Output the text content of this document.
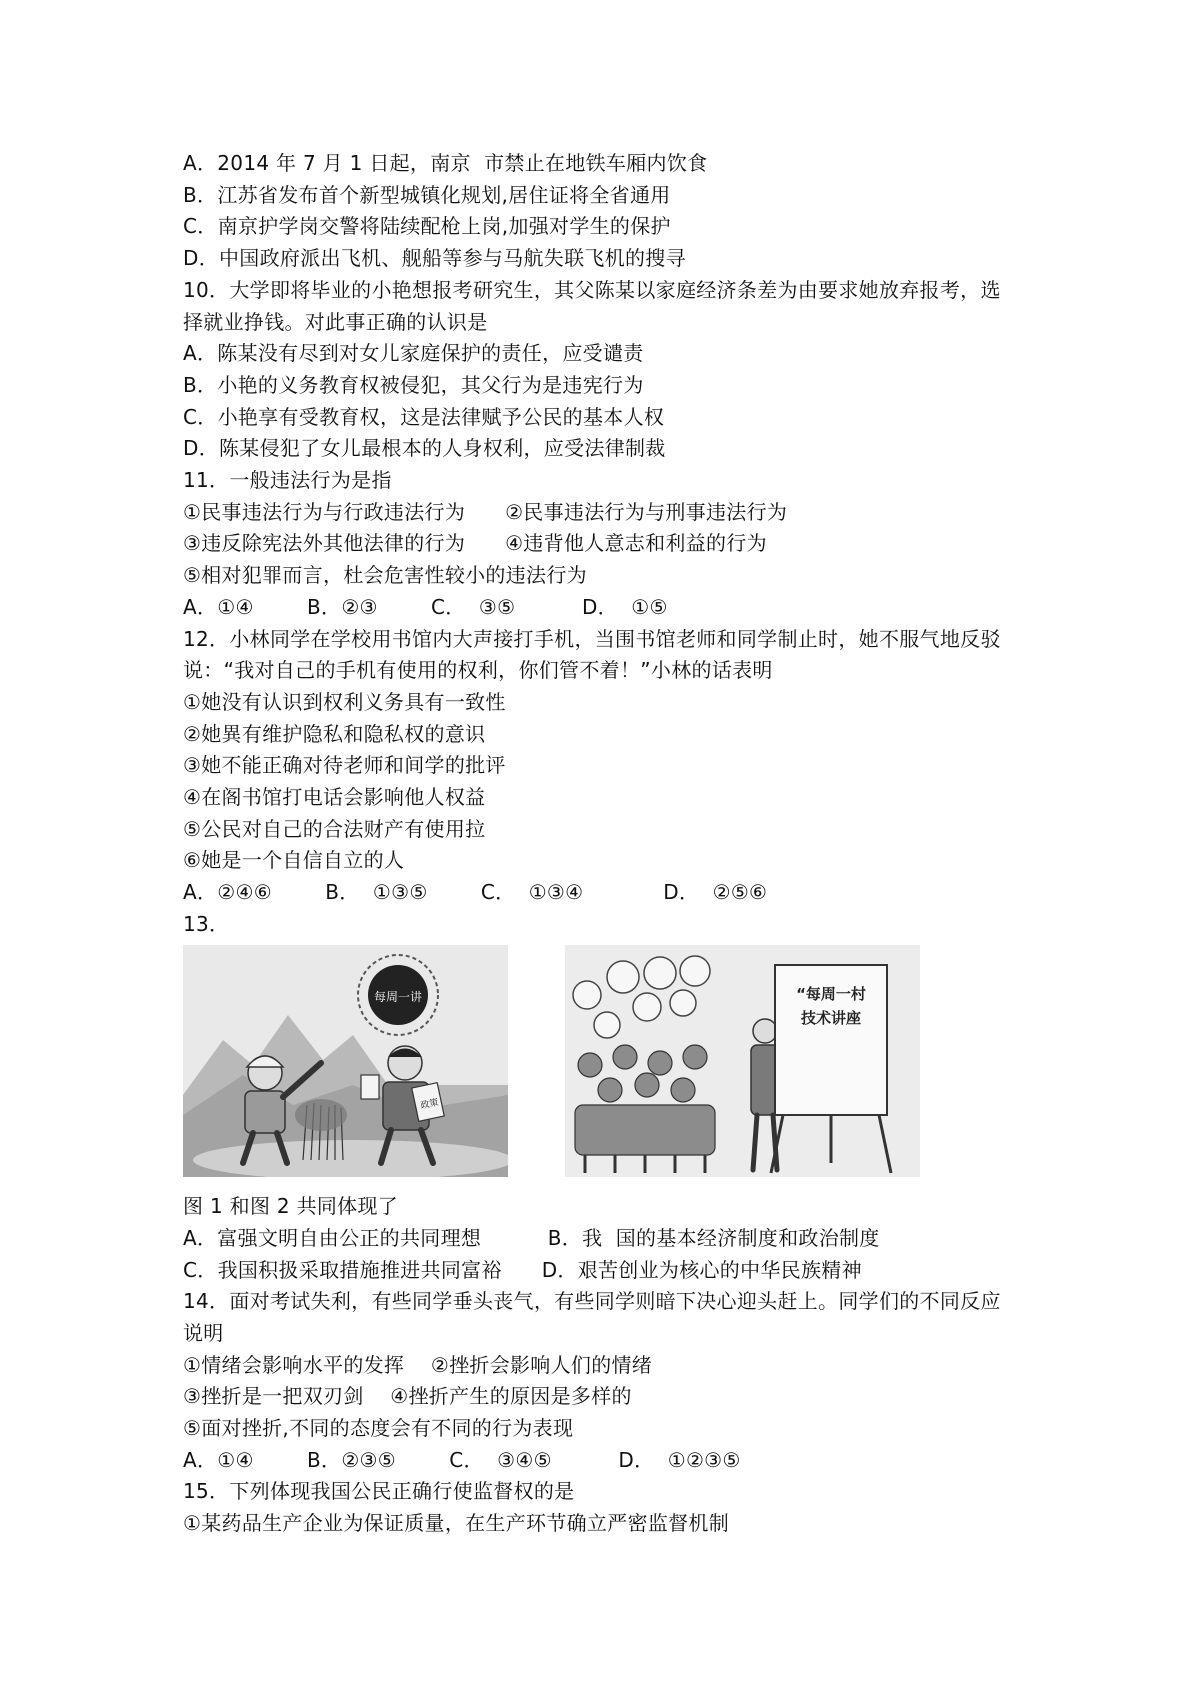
A．2014 年 7 月 1 日起，南京  市禁止在地铁车厢内饮食
B．江苏省发布首个新型城镇化规划,居住证将全省通用
C．南京护学岗交警将陆续配枪上岗,加强对学生的保护
D．中国政府派出飞机、舰船等参与马航失联飞机的搜寻
10．大学即将毕业的小艳想报考研究生，其父陈某以家庭经济条差为由要求她放弃报考，选
择就业挣钱。对此事正确的认识是
A．陈某没有尽到对女儿家庭保护的责任，应受谴责
B．小艳的义务教育权被侵犯，其父行为是违宪行为
C．小艳享有受教育权，这是法律赋予公民的基本人权
D．陈某侵犯了女儿最根本的人身权利，应受法律制裁
11．一般违法行为是指
①民事违法行为与行政违法行为      ②民事违法行为与刑事违法行为
③违反除宪法外其他法律的行为      ④违背他人意志和利益的行为
⑤相对犯罪而言，杜会危害性较小的违法行为
A．①④        B．②③        C．  ③⑤          D．  ①⑤
12．小林同学在学校用书馆内大声接打手机，当围书馆老师和同学制止时，她不服气地反驳
说：“我对自己的手机有使用的权利，你们管不着！”小林的话表明
①她没有认识到权利义务具有一致性
②她異有维护隐私和隐私权的意识
③她不能正确对待老师和间学的批评
④在阁书馆打电话会影响他人权益
⑤公民对自己的合法财产有使用拉
⑥她是一个自信自立的人
A．②④⑥        B．  ①③⑤        C．  ①③④            D．  ②⑤⑥
13．
每周一讲
政策
“每周一村
技术讲座
图 1 和图 2 共同体现了
A．富强文明自由公正的共同理想          B．我  国的基本经济制度和政治制度
C．我国积扱采取措施推进共同富裕      D．艰苦创业为核心的中华民族精神
14．面对考试失利，有些同学垂头丧气，有些同学则暗下决心迎头赶上。同学们的不同反应
说明
①情绪会影响水平的发挥    ②挫折会影响人们的情绪
③挫折是一把双刃剑    ④挫折产生的原因是多样的
⑤面对挫折,不同的态度会有不同的行为表现
A．①④        B．②③⑤        C．  ③④⑤          D．  ①②③⑤
15．下列体现我国公民正确行使监督权的是
①某药品生产企业为保证质量，在生产环节确立严密监督机制
